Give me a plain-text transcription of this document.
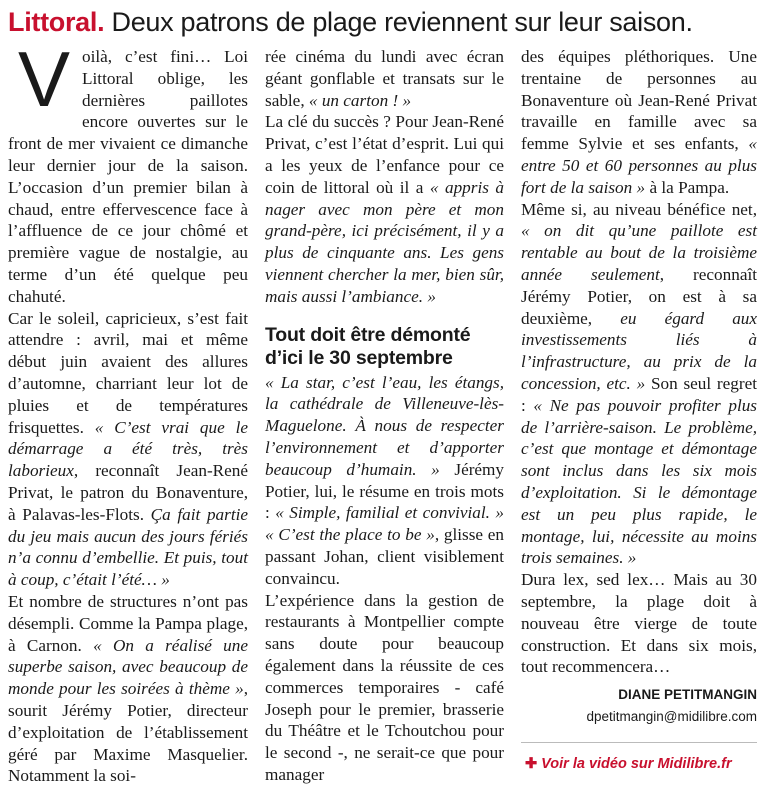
Littoral. Deux patrons de plage reviennent sur leur saison.

Voilà, c’est fini… Loi Littoral oblige, les dernières paillotes encore ouvertes sur le front de mer vivaient ce dimanche leur dernier jour de la saison. L’occasion d’un premier bilan à chaud, entre effervescence face à l’affluence de ce jour chômé et première vague de nostalgie, au terme d’un été quelque peu chahuté.

Car le soleil, capricieux, s’est fait attendre : avril, mai et même début juin avaient des allures d’automne, charriant leur lot de pluies et de températures frisquettes. « C’est vrai que le démarrage a été très, très laborieux, reconnaît Jean-René Privat, le patron du Bonaventure, à Palavas-les-Flots. Ça fait partie du jeu mais aucun des jours fériés n’a connu d’embellie. Et puis, tout à coup, c’était l’été… »

Et nombre de structures n’ont pas désempli. Comme la Pampa plage, à Carnon. « On a réalisé une superbe saison, avec beaucoup de monde pour les soirées à thème », sourit Jérémy Potier, directeur d’exploitation de l’établissement géré par Maxime Masquelier. Notamment la soi-

rée cinéma du lundi avec écran géant gonflable et transats sur le sable, « un carton ! »

La clé du succès ? Pour Jean-René Privat, c’est l’état d’esprit. Lui qui a les yeux de l’enfance pour ce coin de littoral où il a « appris à nager avec mon père et mon grand-père, ici précisément, il y a plus de cinquante ans. Les gens viennent chercher la mer, bien sûr, mais aussi l’ambiance. »

Tout doit être démonté d’ici le 30 septembre

« La star, c’est l’eau, les étangs, la cathédrale de Villeneuve-lès-Maguelone. À nous de respecter l’environnement et d’apporter beaucoup d’humain. » Jérémy Potier, lui, le résume en trois mots : « Simple, familial et convivial. » « C’est the place to be », glisse en passant Johan, client visiblement convaincu.

L’expérience dans la gestion de restaurants à Montpellier compte sans doute pour beaucoup également dans la réussite de ces commerces temporaires - café Joseph pour le premier, brasserie du Théâtre et le Tchoutchou pour le second -, ne serait-ce que pour manager

des équipes pléthoriques. Une trentaine de personnes au Bonaventure où Jean-René Privat travaille en famille avec sa femme Sylvie et ses enfants, « entre 50 et 60 personnes au plus fort de la saison » à la Pampa.

Même si, au niveau bénéfice net, « on dit qu’une paillote est rentable au bout de la troisième année seulement, reconnaît Jérémy Potier, on est à sa deuxième, eu égard aux investissements liés à l’infrastructure, au prix de la concession, etc. » Son seul regret : « Ne pas pouvoir profiter plus de l’arrière-saison. Le problème, c’est que montage et démontage sont inclus dans les six mois d’exploitation. Si le démontage est un peu plus rapide, le montage, lui, nécessite au moins trois semaines. »

Dura lex, sed lex… Mais au 30 septembre, la plage doit à nouveau être vierge de toute construction. Et dans six mois, tout recommencera…

DIANE PETITMANGIN
dpetitmangin@midilibre.com
✚ Voir la vidéo sur Midilibre.fr
